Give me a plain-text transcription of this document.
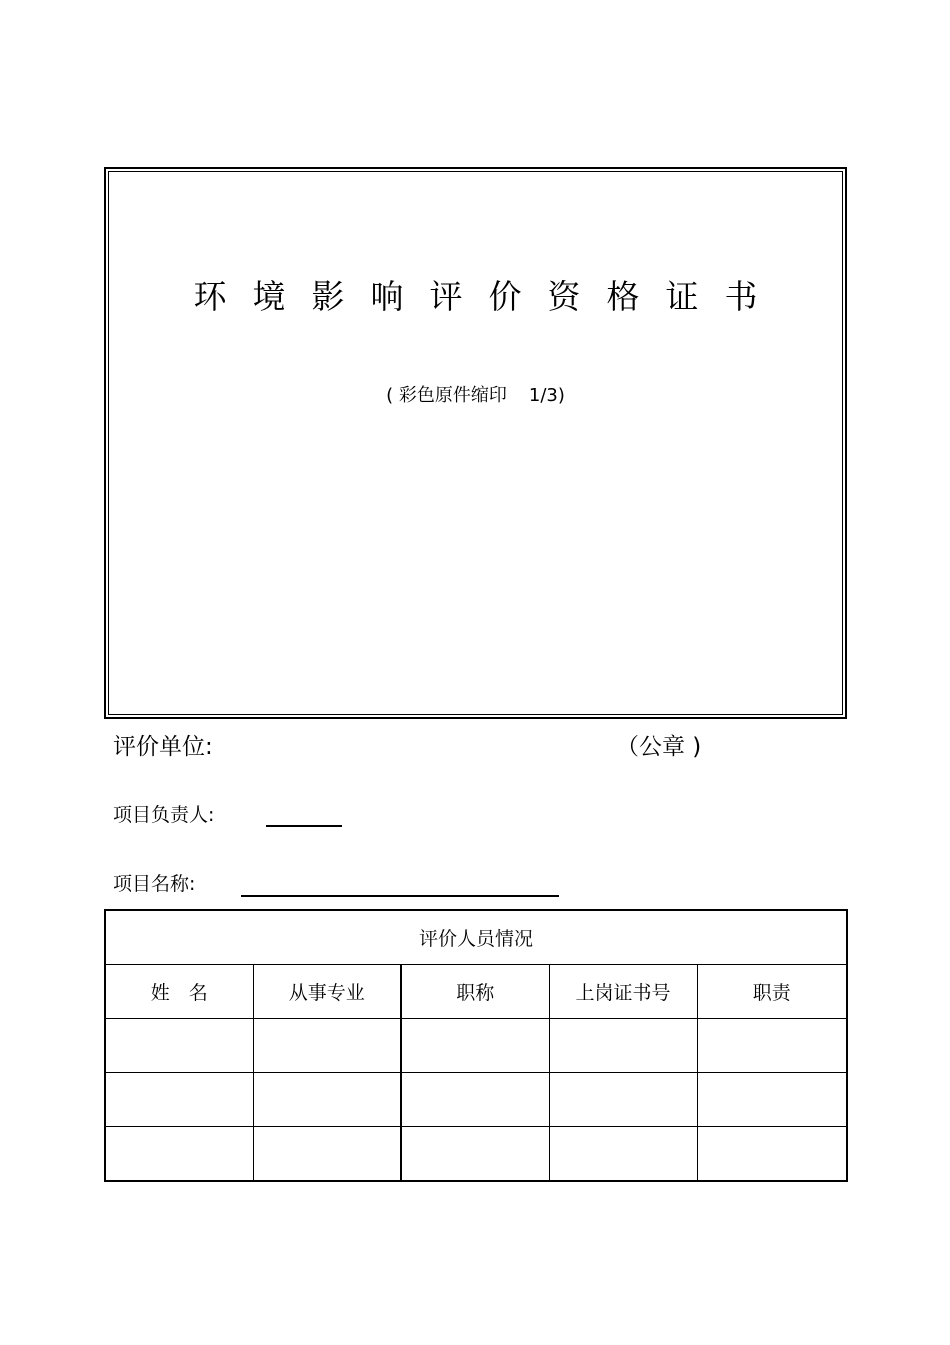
环境影响评价资格证书
( 彩色原件缩印 1/3)
评价单位:	（公章 )
项目负责人:
项目名称:
评价人员情况				
姓　名	从事专业	职称	上岗证书号	职责
